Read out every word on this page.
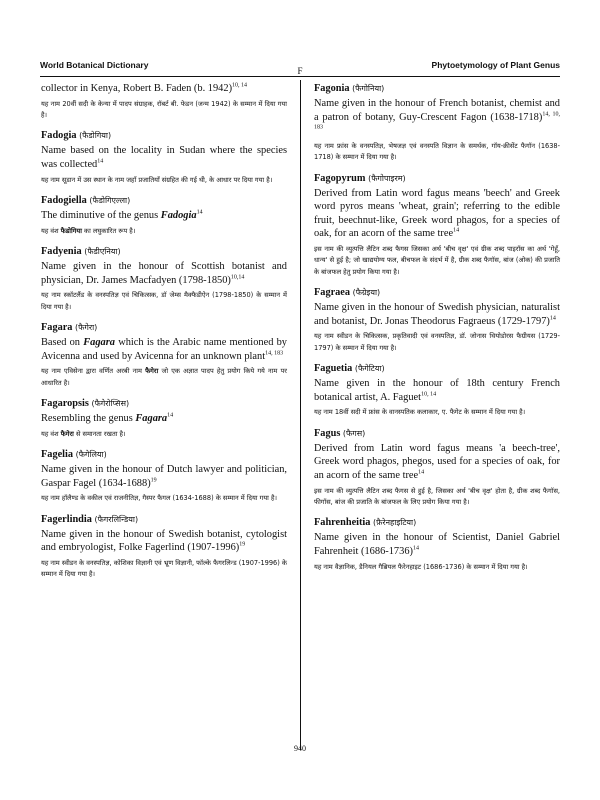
World Botanical Dictionary
F
Phytoetymology of Plant Genus
collector in Kenya, Robert B. Faden (b. 1942)$^{10, 14}$
यह नाम 20वीं सदी के केन्या में पादप संग्राहक, रॉबर्ट बी. फेडन (जन्म 1942) के सम्मान में दिया गया है।
Fadogia (फैडोगिया)
Name based on the locality in Sudan where the species was collected$^{14}$
यह नाम सूडान में उस स्थान के नाम जहाँ प्रजातियाँ संग्रहित की गई थी, के आधार पर दिया गया है।
Fadogiella (फैडोगिएल्ला)
The diminutive of the genus Fadogia$^{14}$
यह वंश फैडोगिया का लघुकारित रूप है।
Fadyenia (फैडीएनिया)
Name given in the honour of Scottish botanist and physician, Dr. James Macfadyen (1798-1850)$^{10,14}$
यह नाम स्कॉटलैंड के वनस्पतिज्ञ एवं चिकित्सक, डॉ जेम्स मैक्फैडीऐन (1798-1850) के सम्मान में दिया गया है।
Fagara (फैगेरा)
Based on Fagara which is the Arabic name mentioned by Avicenna and used by Avicenna for an unknown plant$^{14, 183}$
यह नाम एविसेना द्वारा वर्णित अरबी नाम फैगेरा जो एक अज्ञात पादप हेतु प्रयोग किये गये नाम पर आधारित है।
Fagaropsis (फैगेरोप्सिस)
Resembling the genus Fagara$^{14}$
यह वंश फैगेरा से समानता रखता है।
Fagelia (फैगेलिया)
Name given in the honour of Dutch lawyer and politician, Gaspar Fagel (1634-1688)$^{19}$
यह नाम हॉलैण्ड के वकील एवं राजनीतिज्ञ, गैस्पर फैगल (1634-1688) के सम्मान में दिया गया है।
Fagerlindia (फैगरलिन्डिया)
Name given in the honour of Swedish botanist, cytologist and embryologist, Folke Fagerlind (1907-1996)$^{19}$
यह नाम स्वीडन के वनस्पतिज्ञ, कोशिका विज्ञानी एवं भ्रूण विज्ञानी, फॉल्के फैगरलिन्ड (1907-1996) के सम्मान में दिया गया है।
Fagonia (फैगोनिया)
Name given in the honour of French botanist, chemist and a patron of botany, Guy-Crescent Fagon (1638-1718)$^{14, 10, 183}$
यह नाम फ्रांस के वनस्पतिज्ञ, भेषजज्ञ एवं वनस्पति विज्ञान के समर्थक, गॉय-क्रीसेंट फैगॉन (1638-1718) के सम्मान में दिया गया है।
Fagopyrum (फैगोपाइरम)
Derived from Latin word fagus means 'beech' and Greek word pyros means 'wheat, grain'; referring to the edible fruit, beechnut-like, Greek word phagos, for a species of oak, for an acorn of the same tree$^{14}$
इस नाम की व्युत्पत्ति लैटिन शब्द फैगस जिसका अर्थ 'बीच वृक्ष' एवं ग्रीक शब्द पाइरॉस का अर्थ 'गेहूँ, धान्य' से हुई है; जो खाद्ययोग्य फल, बीचफल के संदर्भ में है, ग्रीक शब्द फैगॉस, बांज (ओक) की प्रजाति के बांजफल हेतु प्रयोग किया गया है।
Fagraea (फैग्रेइया)
Name given in the honour of Swedish physician, naturalist and botanist, Dr. Jonas Theodorus Fagraeus (1729-1797)$^{14}$
यह नाम स्वीडन के चिकित्सक, प्रकृतिवादी एवं वनस्पतिज्ञ, डॉ. जोनास थियोडोरस फैग्रीयस (1729-1797) के सम्मान में दिया गया है।
Faguetia (फैगेटिया)
Name given in the honour of 18th century French botanical artist, A. Faguet$^{10, 14}$
यह नाम 18वीं सदी में फ्रांस के वानस्पतिक कलाकार, ए. फैगेट के सम्मान में दिया गया है।
Fagus (फैगस)
Derived from Latin word fagus means 'a beech-tree', Greek word phagos, phegos, used for a species of oak, for an acorn of the same tree$^{14}$
इस नाम की व्युत्पत्ति लैटिन शब्द फैगस से हुई है, जिसका अर्थ 'बीच वृक्ष' होता है, ग्रीक शब्द फैगॉस, फीगॉस, बांज की प्रजाति के बांजफल के लिए प्रयोग किया गया है।
Fahrenheitia (फ़ैरेनहाइटिया)
Name given in the honour of Scientist, Daniel Gabriel Fahrenheit (1686-1736)$^{14}$
यह नाम वैज्ञानिक, डैनियल गैब्रियल फैरेनहाइट (1686-1736) के सम्मान में दिया गया है।
940
